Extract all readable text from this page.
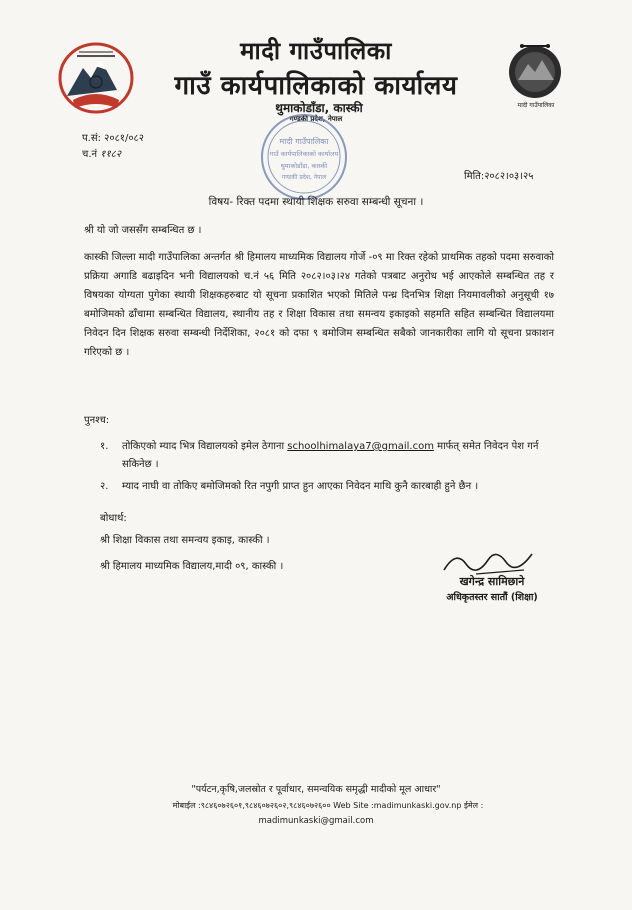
मादी गाउँपालिका
मादी गाउँपालिका
गाउँ कार्यपालिकाको कार्यालय
थुमाकोडाँडा, कास्की
गण्डकी प्रदेश, नेपाल
मादी गाउँपालिका
गाउँ कार्यपालिकाको कार्यालय
थुमाकोडाँडा, कास्की
गण्डकी प्रदेश, नेपाल
प.सं: २०८१/०८२
च.नं ११८२
मिति:२०८२।०३।२५
विषय- रिक्त पदमा स्थायी शिक्षक सरुवा सम्बन्धी सूचना ।
श्री यो जो जससँग सम्बन्धित छ ।

कास्की जिल्ला मादी गाउँपालिका अन्तर्गत श्री हिमालय माध्यमिक विद्यालय गोर्जे -०९ मा रिक्त रहेको प्राथमिक तहको पदमा सरुवाको प्रक्रिया अगाडि बढाइदिन भनी विद्यालयको च.नं ५६ मिति २०८२।०३।२४ गतेको पत्रबाट अनुरोध भई आएकोले सम्बन्धित तह र विषयका योग्यता पुगेका स्थायी शिक्षकहरुबाट यो सूचना प्रकाशित भएको मितिले पन्ध्र दिनभित्र शिक्षा नियमावलीको अनुसूची १७ बमोजिमको ढाँचामा सम्बन्धित विद्यालय, स्थानीय तह र शिक्षा विकास तथा समन्वय इकाइको सहमति सहित सम्बन्धित विद्यालयमा निवेदन दिन शिक्षक सरुवा सम्बन्धी निर्देशिका, २०८१ को दफा ९ बमोजिम सम्बन्धित सबैको जानकारीका लागि यो सूचना प्रकाशन गरिएको छ ।

पुनश्च:
१.	तोकिएको म्याद भित्र विद्यालयको इमेल ठेगाना schoolhimalaya7@gmail.com मार्फत् समेत निवेदन पेश गर्न सकिनेछ ।
२.	म्याद नाघी वा तोकिए बमोजिमको रित नपुगी प्राप्त हुन आएका निवेदन माथि कुनै कारबाही हुने छैन ।
बोधार्थ:
श्री शिक्षा विकास तथा समन्वय इकाइ, कास्की ।
श्री हिमालय माध्यमिक विद्यालय,मादी ०९, कास्की ।
खगेन्द्र सामिछाने
अधिकृतस्तर सातौं (शिक्षा)
"पर्यटन,कृषि,जलस्रोत र पूर्वाधार, समन्वयिक समृद्धी मादीको मूल आधार"
मोबाईल :९८४६०७२६०१,९८४६०७२६०२,९८४६०७२६०० Web Site :madimunkaski.gov.np ईमेल :
madimunkaski@gmail.com
